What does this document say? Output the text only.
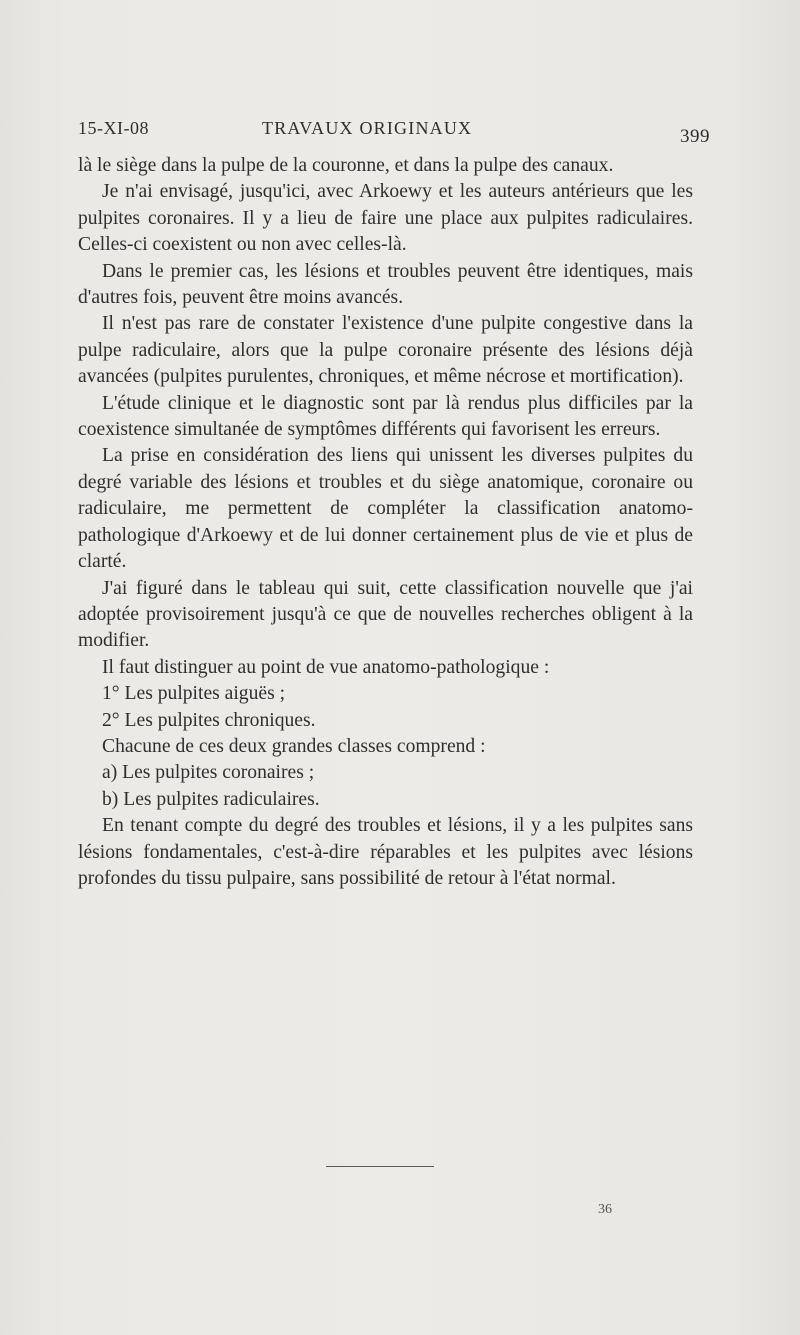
15-XI-08	TRAVAUX ORIGINAUX	399

là le siège dans la pulpe de la couronne, et dans la pulpe des canaux.

Je n'ai envisagé, jusqu'ici, avec Arkoewy et les auteurs antérieurs que les pulpites coronaires. Il y a lieu de faire une place aux pulpites radiculaires. Celles-ci coexistent ou non avec celles-là.

Dans le premier cas, les lésions et troubles peuvent être identiques, mais d'autres fois, peuvent être moins avancés.

Il n'est pas rare de constater l'existence d'une pulpite congestive dans la pulpe radiculaire, alors que la pulpe coronaire présente des lésions déjà avancées (pulpites purulentes, chroniques, et même nécrose et mortification).

L'étude clinique et le diagnostic sont par là rendus plus difficiles par la coexistence simultanée de symptômes différents qui favorisent les erreurs.

La prise en considération des liens qui unissent les diverses pulpites du degré variable des lésions et troubles et du siège anatomique, coronaire ou radiculaire, me permettent de compléter la classification anatomo-pathologique d'Arkoewy et de lui donner certainement plus de vie et plus de clarté.

J'ai figuré dans le tableau qui suit, cette classification nouvelle que j'ai adoptée provisoirement jusqu'à ce que de nouvelles recherches obligent à la modifier.

Il faut distinguer au point de vue anatomo-pathologique :

1° Les pulpites aiguës ;

2° Les pulpites chroniques.

Chacune de ces deux grandes classes comprend :

a) Les pulpites coronaires ;

b) Les pulpites radiculaires.

En tenant compte du degré des troubles et lésions, il y a les pulpites sans lésions fondamentales, c'est-à-dire réparables et les pulpites avec lésions profondes du tissu pulpaire, sans possibilité de retour à l'état normal.

36
